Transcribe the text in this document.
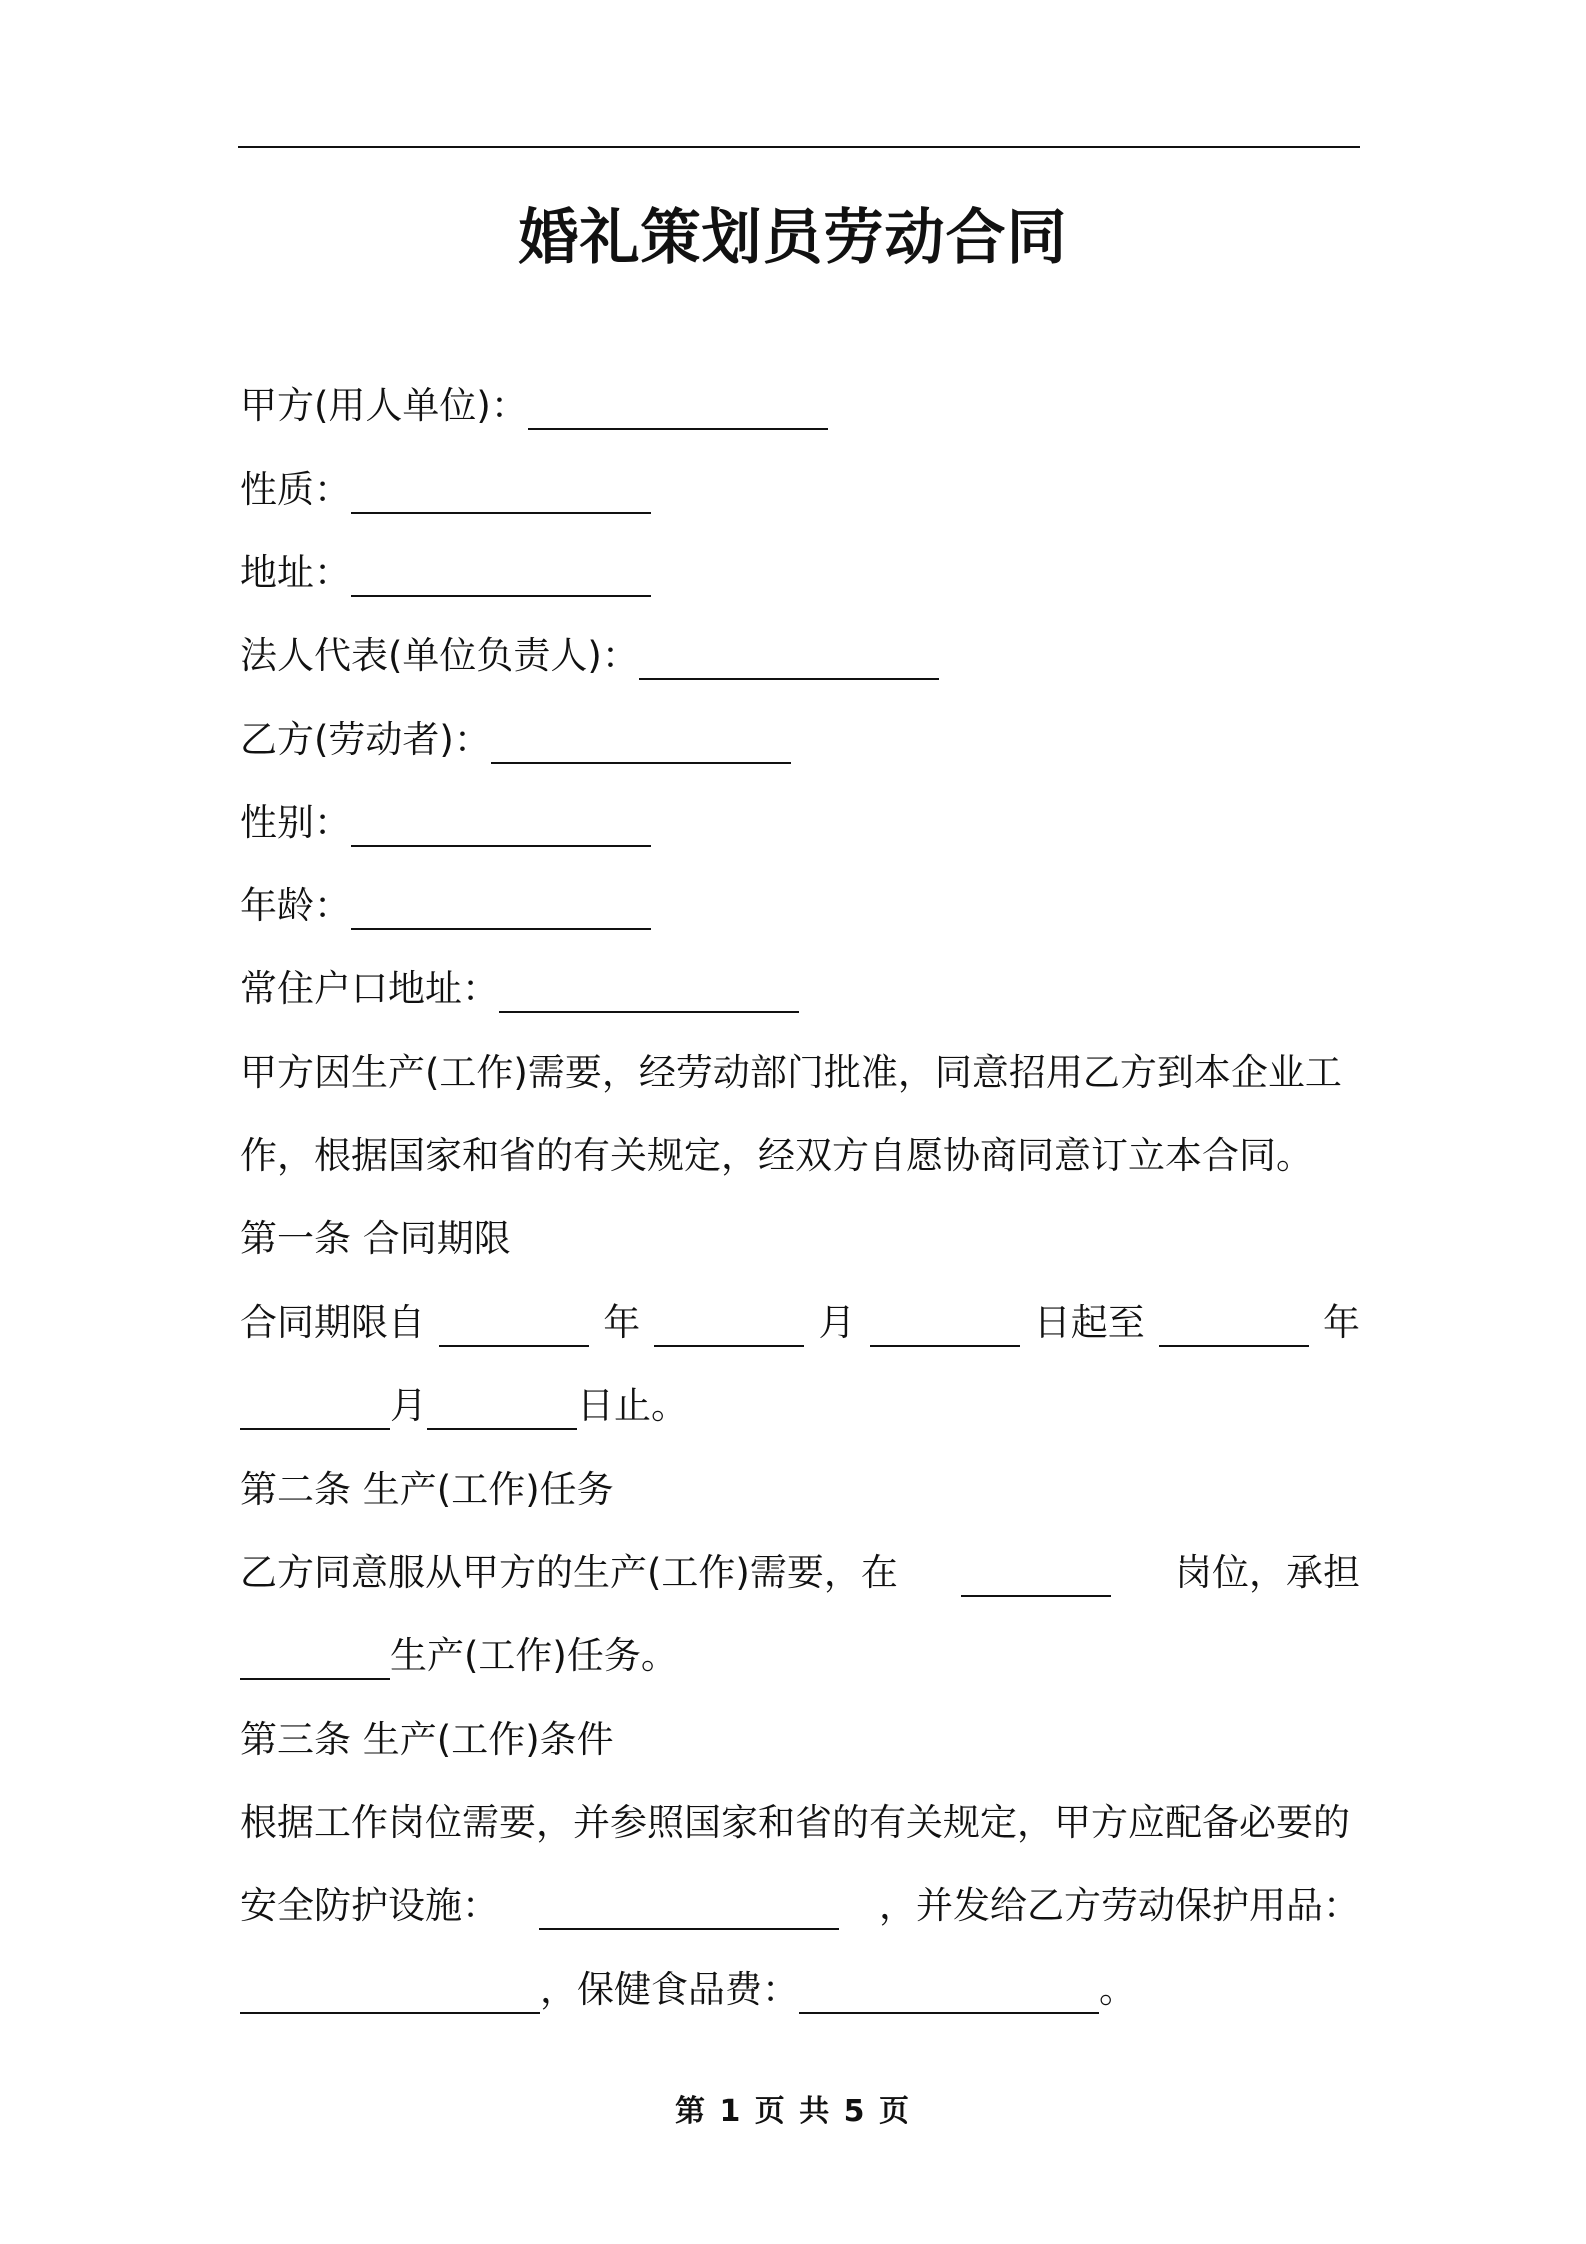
婚礼策划员劳动合同
甲方(用人单位)：
性质：
地址：
法人代表(单位负责人)：
乙方(劳动者)：
性别：
年龄：
常住户口地址：
甲方因生产(工作)需要，经劳动部门批准，同意招用乙方到本企业工
作，根据国家和省的有关规定，经双方自愿协商同意订立本合同。
第一条 合同期限
合同期限自	年	月	日起至	年
月	日止。
第二条 生产(工作)任务
乙方同意服从甲方的生产(工作)需要，在	岗位，承担
生产(工作)任务。
第三条 生产(工作)条件
根据工作岗位需要，并参照国家和省的有关规定，甲方应配备必要的
安全防护设施：	，并发给乙方劳动保护用品：
，保健食品费：	。
第 1 页 共 5 页
